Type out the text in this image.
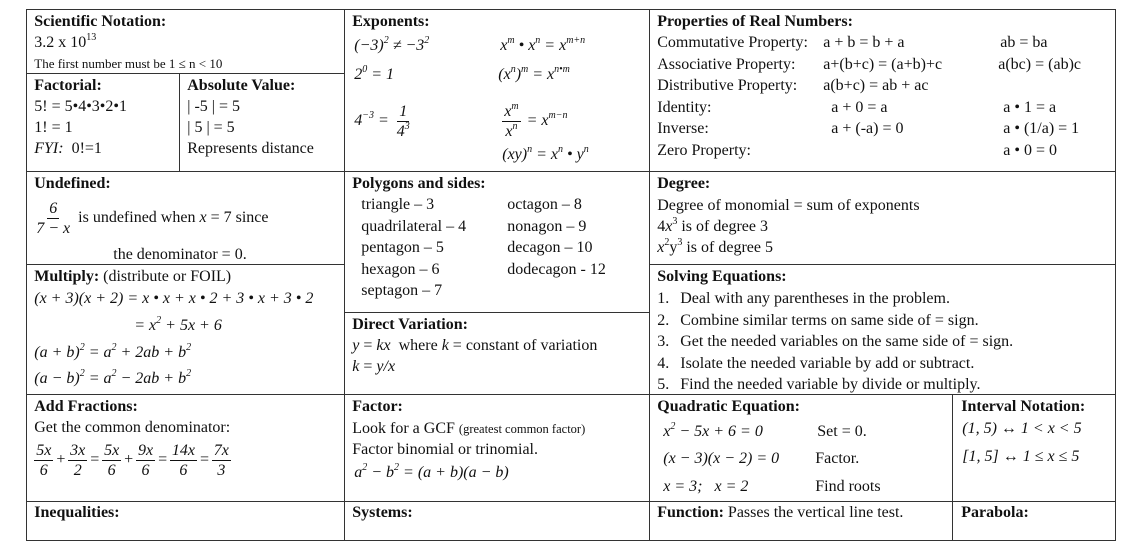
Scientific Notation:
3.2 x $10^{13}$
The first number must be 1 ≤ n < 10
Factorial:
5! = 5•4•3•2•1
1! = 1
FYI: 0!=1
Absolute Value:
| -5 | = 5
| 5 | = 5
Represents distance
Exponents:
$(-3)^2 \ne -3^2$
$2^0 = 1$
$4^{-3} = \frac{1}{4^3}$
$x^m$ • $x^n = x^{m+n}$
$(x^n)^m = x^{n•m}$
$\frac{x^m}{x^n} = x^{m-n}$
$(xy)^n = x^n$ • $y^n$
Properties of Real Numbers:
Commutative Property: a + b = b + a	ab = ba
Associative Property: a+(b+c) = (a+b)+c	a(bc) = (ab)c
Distributive Property: a(b+c) = ab + ac
Identity:	a + 0 = a	a • 1 = a
Inverse:	a + (-a) = 0	a • (1/a) = 1
Zero Property:	a • 0 = 0
Undefined:
$\frac{6}{7 - x}$ is undefined when x = 7 since
the denominator = 0.
Multiply: (distribute or FOIL)
(x + 3)(x + 2) = x • x + x • 2 + 3 • x + 3 • 2
= $x^2 + 5x + 6$
$(a + b)^2 = a^2 + 2ab + b^2$
$(a - b)^2 = a^2 - 2ab + b^2$
Polygons and sides:
triangle – 3
quadrilateral – 4
pentagon – 5
hexagon – 6
septagon – 7
octagon – 8
nonagon – 9
decagon – 10
dodecagon - 12
Direct Variation:
y = kx  where k = constant of variation
k = y/x
Degree:
Degree of monomial = sum of exponents
$4x^3$ is of degree 3
$x^2y^3$ is of degree 5
Solving Equations:
1. Deal with any parentheses in the problem.
2. Combine similar terms on same side of = sign.
3. Get the needed variables on the same side of = sign.
4. Isolate the needed variable by add or subtract.
5. Find the needed variable by divide or multiply.
Add Fractions:
Get the common denominator:
$\frac{5x}{6} + \frac{3x}{2} = \frac{5x}{6} + \frac{9x}{6} = \frac{14x}{6} = \frac{7x}{3}$
Factor:
Look for a GCF (greatest common factor)
Factor binomial or trinomial.
$a^2 - b^2 = (a + b)(a - b)$
Quadratic Equation:
$x^2 - 5x + 6 = 0$	Set = 0.
(x − 3)(x − 2) = 0 Factor.
x = 3;   x = 2	Find roots
Interval Notation:
(1, 5) ↔ 1 < x < 5
[1, 5] ↔ 1 ≤ x ≤ 5
Inequalities:	Systems:	Function: Passes the vertical line test.	Parabola:
